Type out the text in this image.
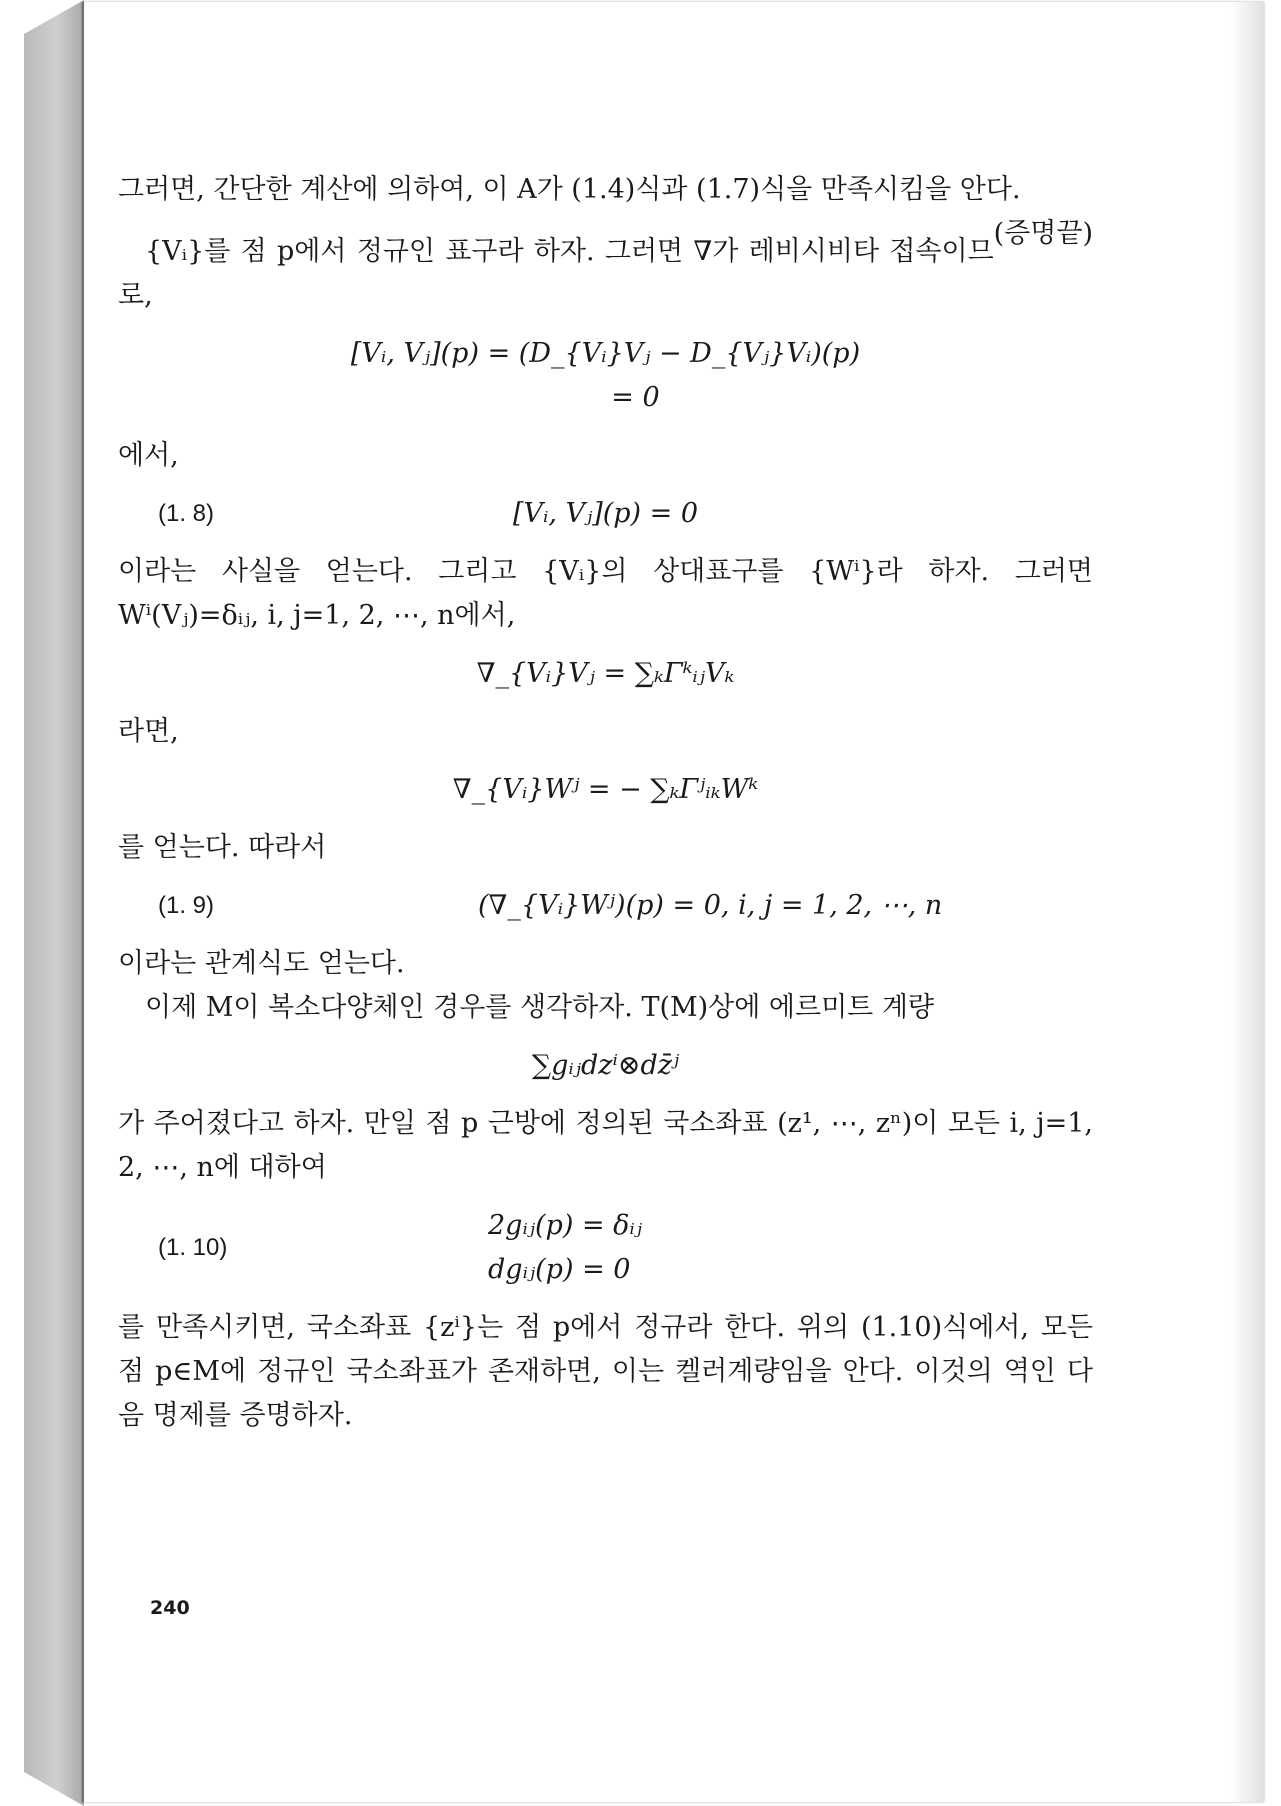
그러면, 간단한 계산에 의하여, 이 A가 (1.4)식과 (1.7)식을 만족시킴을 안다.
(증명끝)

{Vᵢ}를 점 p에서 정규인 표구라 하자. 그러면 ∇가 레비시비타 접속이므로,

[Vᵢ, Vⱼ](p) = (D_{Vᵢ}Vⱼ − D_{Vⱼ}Vᵢ)(p)
= 0

에서,

(1. 8)	[Vᵢ, Vⱼ](p) = 0

이라는 사실을 얻는다. 그리고 {Vᵢ}의 상대표구를 {Wⁱ}라 하자. 그러면 Wⁱ(Vⱼ)=δᵢⱼ, i, j=1, 2, ⋯, n에서,

∇_{Vᵢ}Vⱼ = ∑ₖΓᵏᵢⱼVₖ

라면,

∇_{Vᵢ}Wʲ = − ∑ₖΓʲᵢₖWᵏ

를 얻는다. 따라서

(1. 9)	(∇_{Vᵢ}Wʲ)(p) = 0, i, j = 1, 2, ⋯, n

이라는 관계식도 얻는다.

이제 M이 복소다양체인 경우를 생각하자. T(M)상에 에르미트 계량

∑gᵢⱼdzⁱ⊗dz̄ʲ

가 주어졌다고 하자. 만일 점 p 근방에 정의된 국소좌표 (z¹, ⋯, zⁿ)이 모든 i, j=1, 2, ⋯, n에 대하여

(1. 10)
2gᵢⱼ(p) = δᵢⱼ
dgᵢⱼ(p) = 0

를 만족시키면, 국소좌표 {zⁱ}는 점 p에서 정규라 한다. 위의 (1.10)식에서, 모든 점 p∈M에 정규인 국소좌표가 존재하면, 이는 켈러계량임을 안다. 이것의 역인 다음 명제를 증명하자.

240
